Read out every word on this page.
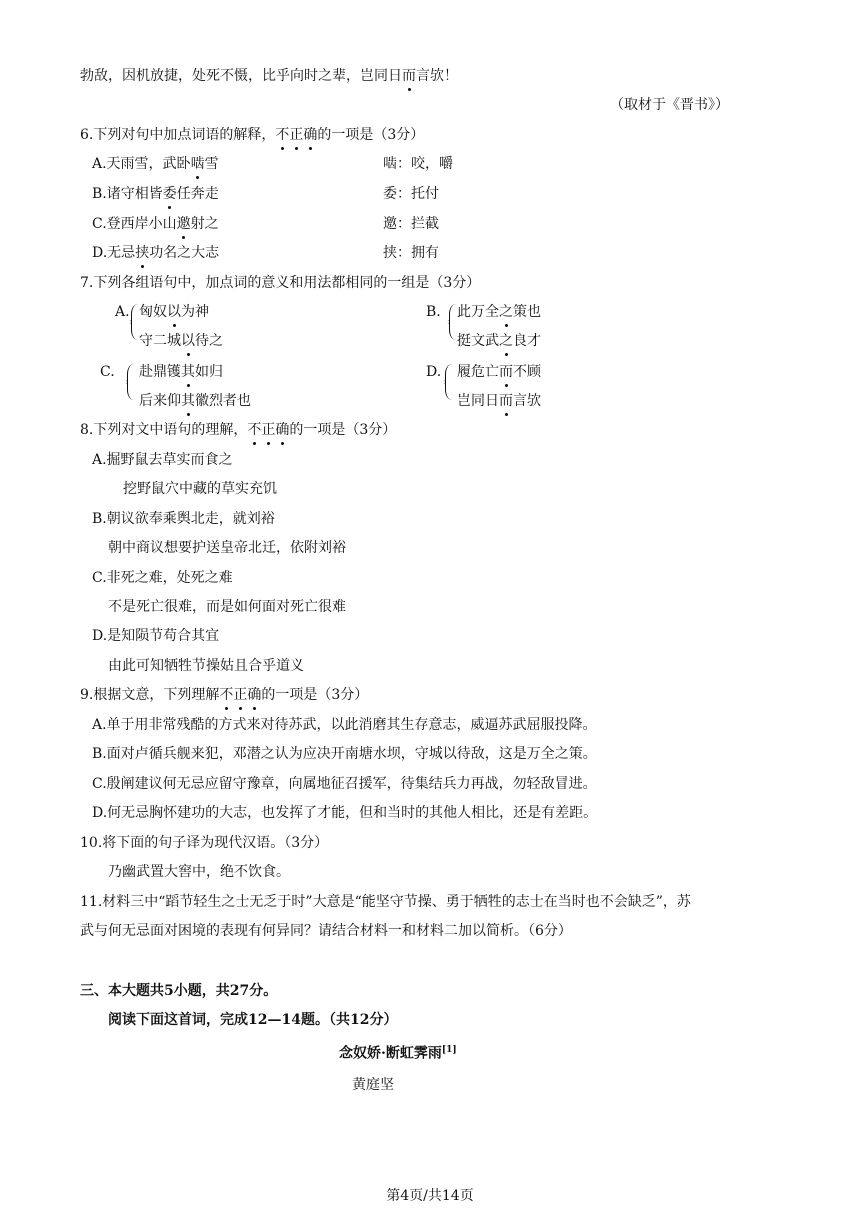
勃敌，因机放捷，处死不慑，比乎向时之辈，岂同日而言欤！
（取材于《晋书》）
6.下列对句中加点词语的解释，不正确的一项是（3分）
A.天雨雪，武卧啮雪	啮：咬，嚼
B.诸守相皆委任奔走	委：托付
C.登西岸小山邀射之	邀：拦截
D.无忌挟功名之大志	挟：拥有
7.下列各组语句中，加点词的意义和用法都相同的一组是（3分）
A. 匈奴以为神
守二城以待之
B. 此万全之策也
挺文武之良才
C. 赴鼎镬其如归
后来仰其徽烈者也
D. 履危亡而不顾
岂同日而言欤
8.下列对文中语句的理解，不正确的一项是（3分）
A.掘野鼠去草实而食之
挖野鼠穴中藏的草实充饥
B.朝议欲奉乘舆北走，就刘裕
朝中商议想要护送皇帝北迁，依附刘裕
C.非死之难，处死之难
不是死亡很难，而是如何面对死亡很难
D.是知陨节苟合其宜
由此可知牺牲节操姑且合乎道义
9.根据文意，下列理解不正确的一项是（3分）
A.单于用非常残酷的方式来对待苏武，以此消磨其生存意志，威逼苏武屈服投降。
B.面对卢循兵舰来犯，邓潜之认为应决开南塘水坝，守城以待敌，这是万全之策。
C.殷阐建议何无忌应留守豫章，向属地征召援军，待集结兵力再战，勿轻敌冒进。
D.何无忌胸怀建功的大志，也发挥了才能，但和当时的其他人相比，还是有差距。
10.将下面的句子译为现代汉语。（3分）
乃幽武置大窖中，绝不饮食。
11.材料三中“蹈节轻生之士无乏于时”大意是“能坚守节操、勇于牺牲的志士在当时也不会缺乏”，苏
武与何无忌面对困境的表现有何异同？请结合材料一和材料二加以简析。（6分）
三、本大题共5小题，共27分。
阅读下面这首词，完成12—14题。（共12分）
念奴娇·断虹霁雨[1]
黄庭坚
第4页/共14页
